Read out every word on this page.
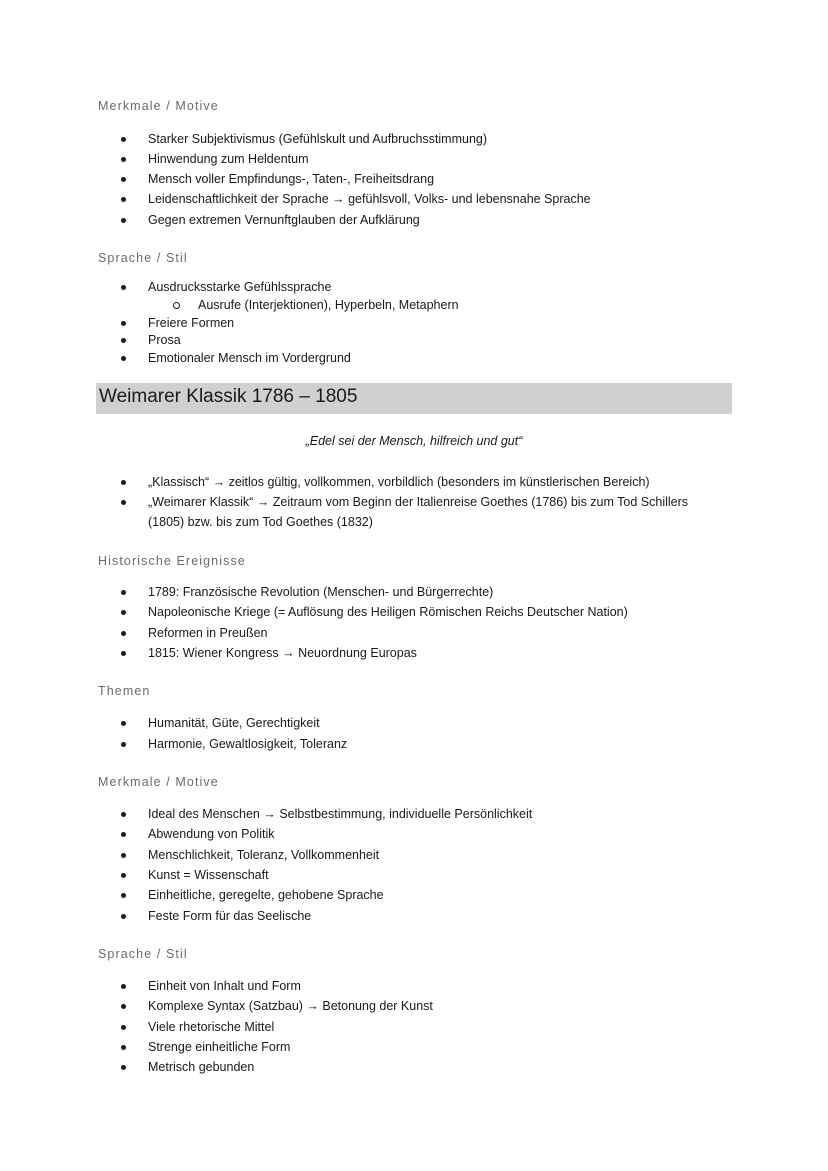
Merkmale / Motive
Starker Subjektivismus (Gefühlskult und Aufbruchsstimmung)
Hinwendung zum Heldentum
Mensch voller Empfindungs-, Taten-, Freiheitsdrang
Leidenschaftlichkeit der Sprache → gefühlsvoll, Volks- und lebensnahe Sprache
Gegen extremen Vernunftglauben der Aufklärung
Sprache / Stil
Ausdrucksstarke Gefühlssprache
Ausrufe (Interjektionen), Hyperbeln, Metaphern
Freiere Formen
Prosa
Emotionaler Mensch im Vordergrund
Weimarer Klassik 1786 – 1805
„Edel sei der Mensch, hilfreich und gut“
„Klassisch“ → zeitlos gültig, vollkommen, vorbildlich (besonders im künstlerischen Bereich)
„Weimarer Klassik“ → Zeitraum vom Beginn der Italienreise Goethes (1786) bis zum Tod Schillers
(1805) bzw. bis zum Tod Goethes (1832)
Historische Ereignisse
1789: Französische Revolution (Menschen- und Bürgerrechte)
Napoleonische Kriege (= Auflösung des Heiligen Römischen Reichs Deutscher Nation)
Reformen in Preußen
1815: Wiener Kongress → Neuordnung Europas
Themen
Humanität, Güte, Gerechtigkeit
Harmonie, Gewaltlosigkeit, Toleranz
Merkmale / Motive
Ideal des Menschen → Selbstbestimmung, individuelle Persönlichkeit
Abwendung von Politik
Menschlichkeit, Toleranz, Vollkommenheit
Kunst = Wissenschaft
Einheitliche, geregelte, gehobene Sprache
Feste Form für das Seelische
Sprache / Stil
Einheit von Inhalt und Form
Komplexe Syntax (Satzbau) → Betonung der Kunst
Viele rhetorische Mittel
Strenge einheitliche Form
Metrisch gebunden
